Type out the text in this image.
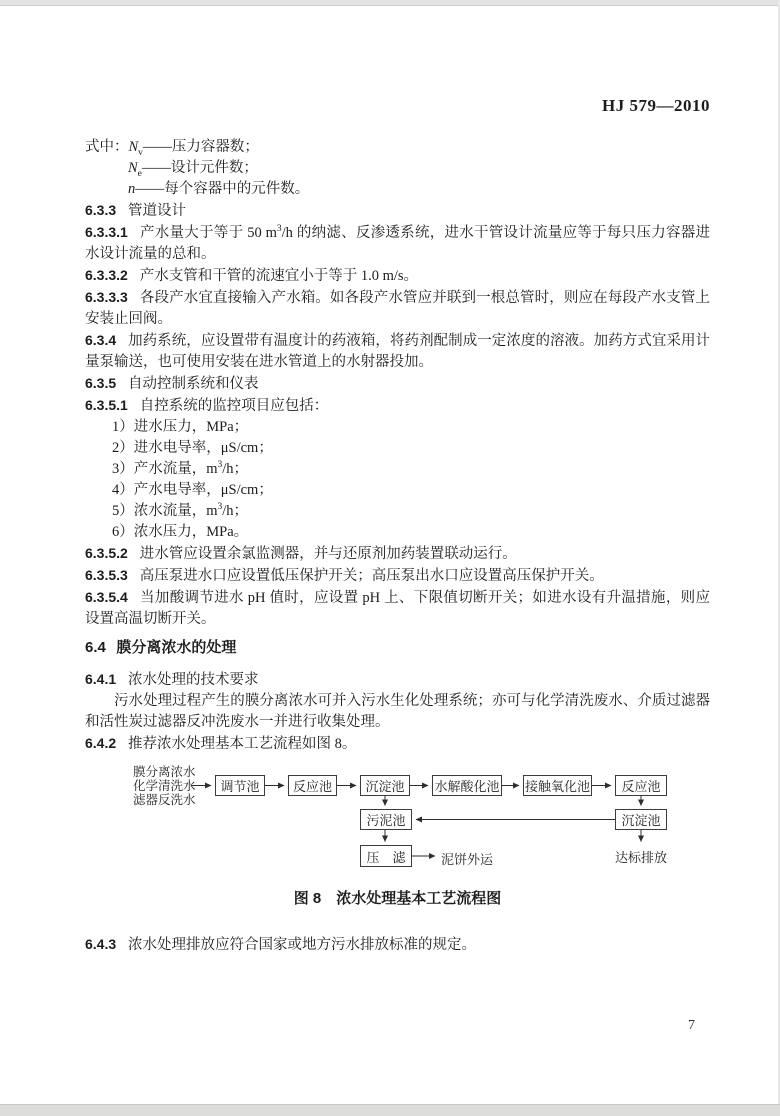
HJ 579—2010

式中：$N_v——$压力容器数；

$N_e——$设计元件数；

n——每个容器中的元件数。

6.3.3 管道设计

6.3.3.1 产水量大于等于 50 $m^3/h$ 的纳滤、反渗透系统，进水干管设计流量应等于每只压力容器进水设计流量的总和。

6.3.3.2 产水支管和干管的流速宜小于等于 1.0 m/s。

6.3.3.3 各段产水宜直接输入产水箱。如各段产水管应并联到一根总管时，则应在每段产水支管上安装止回阀。

6.3.4 加药系统，应设置带有温度计的药液箱，将药剂配制成一定浓度的溶液。加药方式宜采用计量泵输送，也可使用安装在进水管道上的水射器投加。

6.3.5 自动控制系统和仪表

6.3.5.1 自控系统的监控项目应包括：

1）进水压力，MPa；

2）进水电导率，μS/cm；

3）产水流量，$m^3/h$；

4）产水电导率，μS/cm；

5）浓水流量，$m^3/h$；

6）浓水压力，MPa。

6.3.5.2 进水管应设置余氯监测器，并与还原剂加药装置联动运行。

6.3.5.3 高压泵进水口应设置低压保护开关；高压泵出水口应设置高压保护开关。

6.3.5.4 当加酸调节进水 pH 值时，应设置 pH 上、下限值切断开关；如进水设有升温措施，则应设置高温切断开关。

6.4 膜分离浓水的处理

6.4.1 浓水处理的技术要求

污水处理过程产生的膜分离浓水可并入污水生化处理系统；亦可与化学清洗废水、介质过滤器和活性炭过滤器反冲洗废水一并进行收集处理。

6.4.2 推荐浓水处理基本工艺流程如图 8。

膜分离浓水
化学清洗水
滤器反洗水
调节池	反应池	沉淀池	水解酸化池 接触氧化池	反应池
沉淀池
污泥池
压　滤	泥饼外运	达标排放

图 8　浓水处理基本工艺流程图

6.4.3 浓水处理排放应符合国家或地方污水排放标准的规定。

7
